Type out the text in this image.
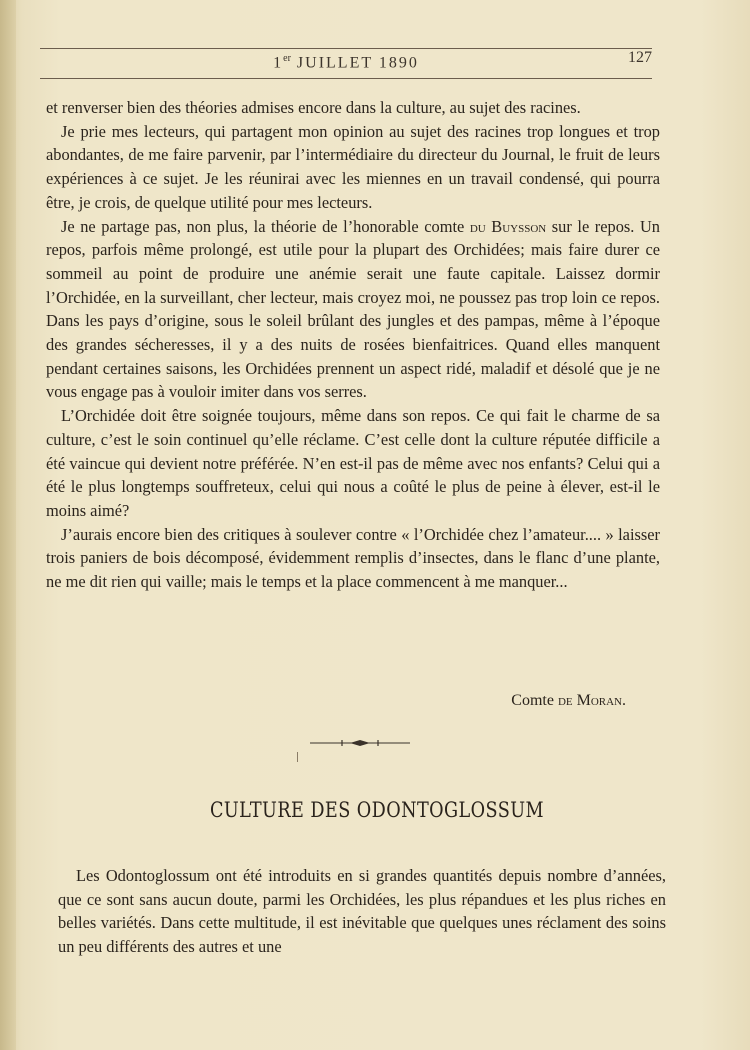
1er JUILLET 1890	127

et renverser bien des théories admises encore dans la culture, au sujet des racines.

Je prie mes lecteurs, qui partagent mon opinion au sujet des racines trop longues et trop abondantes, de me faire parvenir, par l’intermédiaire du directeur du Journal, le fruit de leurs expériences à ce sujet. Je les réunirai avec les miennes en un travail condensé, qui pourra être, je crois, de quelque utilité pour mes lecteurs.

Je ne partage pas, non plus, la théorie de l’honorable comte du Buysson sur le repos. Un repos, parfois même prolongé, est utile pour la plupart des Orchidées; mais faire durer ce sommeil au point de produire une anémie serait une faute capitale. Laissez dormir l’Orchidée, en la surveillant, cher lecteur, mais croyez moi, ne poussez pas trop loin ce repos. Dans les pays d’origine, sous le soleil brûlant des jungles et des pampas, même à l’époque des grandes sécheresses, il y a des nuits de rosées bienfaitrices. Quand elles manquent pendant certaines saisons, les Orchidées prennent un aspect ridé, maladif et désolé que je ne vous engage pas à vouloir imiter dans vos serres.

L’Orchidée doit être soignée toujours, même dans son repos. Ce qui fait le charme de sa culture, c’est le soin continuel qu’elle réclame. C’est celle dont la culture réputée difficile a été vaincue qui devient notre préférée. N’en est-il pas de même avec nos enfants? Celui qui a été le plus longtemps souffreteux, celui qui nous a coûté le plus de peine à élever, est-il le moins aimé?

J’aurais encore bien des critiques à soulever contre « l’Orchidée chez l’amateur.... » laisser trois paniers de bois décomposé, évidemment remplis d’insectes, dans le flanc d’une plante, ne me dit rien qui vaille; mais le temps et la place commencent à me manquer...

Comte de Moran.
CULTURE DES ODONTOGLOSSUM

Les Odontoglossum ont été introduits en si grandes quantités depuis nombre d’années, que ce sont sans aucun doute, parmi les Orchidées, les plus répandues et les plus riches en belles variétés. Dans cette multitude, il est inévitable que quelques unes réclament des soins un peu différents des autres et une
